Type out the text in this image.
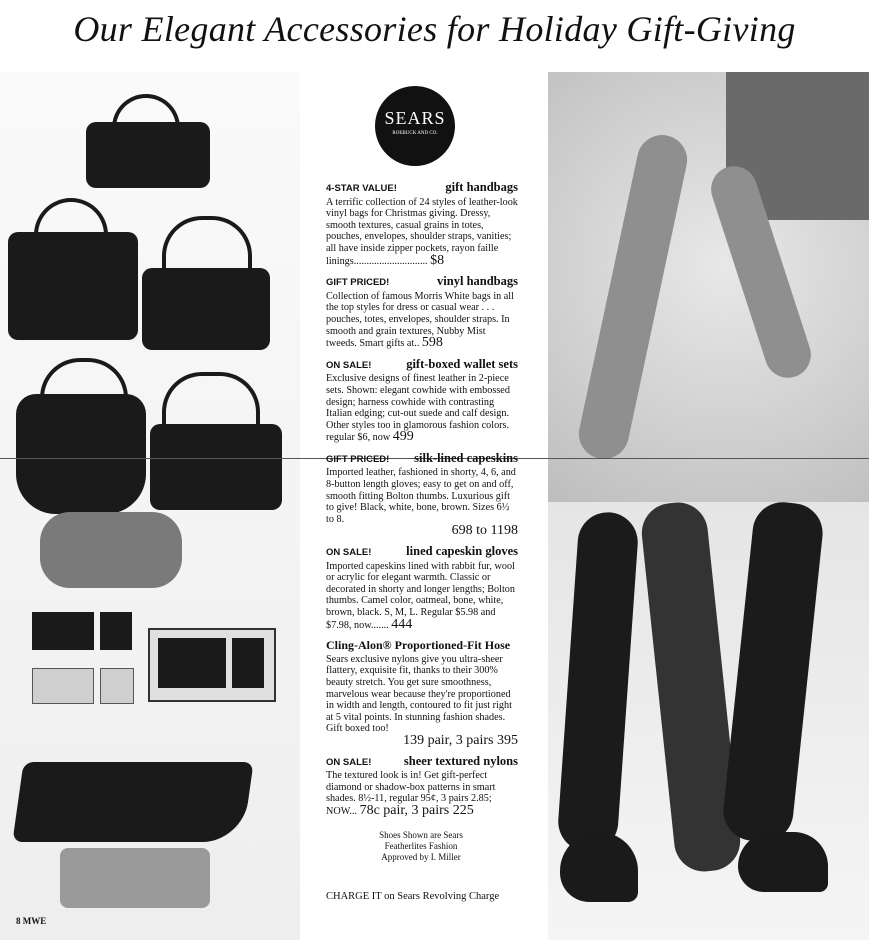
Our Elegant Accessories for Holiday Gift-Giving
SEARS
ROEBUCK AND CO.
4-STAR VALUE!	gift handbags
A terrific collection of 24 styles of leather-look vinyl bags for Christmas giving. Dressy, smooth textures, casual grains in totes, pouches, envelopes, shoulder straps, vanities; all have inside zipper pockets, rayon faille linings............................. $8
GIFT PRICED!	vinyl handbags
Collection of famous Morris White bags in all the top styles for dress or casual wear . . . pouches, totes, envelopes, shoulder straps. In smooth and grain textures, Nubby Mist tweeds. Smart gifts at.. 598
ON SALE!	gift-boxed wallet sets
Exclusive designs of finest leather in 2-piece sets. Shown: elegant cowhide with embossed design; harness cowhide with contrasting Italian edging; cut-out suede and calf design. Other styles too in glamorous fashion colors. regular $6, now 499
GIFT PRICED! silk-lined capeskins
Imported leather, fashioned in shorty, 4, 6, and 8-button length gloves; easy to get on and off, smooth fitting Bolton thumbs. Luxurious gift to give! Black, white, bone, brown. Sizes 6½ to 8.
698 to 1198
ON SALE!	lined capeskin gloves
Imported capeskins lined with rabbit fur, wool or acrylic for elegant warmth. Classic or decorated in shorty and longer lengths; Bolton thumbs. Camel color, oatmeal, bone, white, brown, black. S, M, L. Regular $5.98 and $7.98, now....... 444
Cling-Alon® Proportioned-Fit Hose
Sears exclusive nylons give you ultra-sheer flattery, exquisite fit, thanks to their 300% beauty stretch. You get sure smoothness, marvelous wear because they're proportioned in width and length, contoured to fit just right at 5 vital points. In stunning fashion shades. Gift boxed too!
139 pair, 3 pairs 395
ON SALE!	sheer textured nylons
The textured look is in! Get gift-perfect diamond or shadow-box patterns in smart shades. 8½-11, regular 95¢, 3 pairs 2.85; NOW... 78c pair, 3 pairs 225
Shoes Shown are Sears
Featherlites Fashion
Approved by I. Miller
CHARGE IT on Sears Revolving Charge
8 MWE
